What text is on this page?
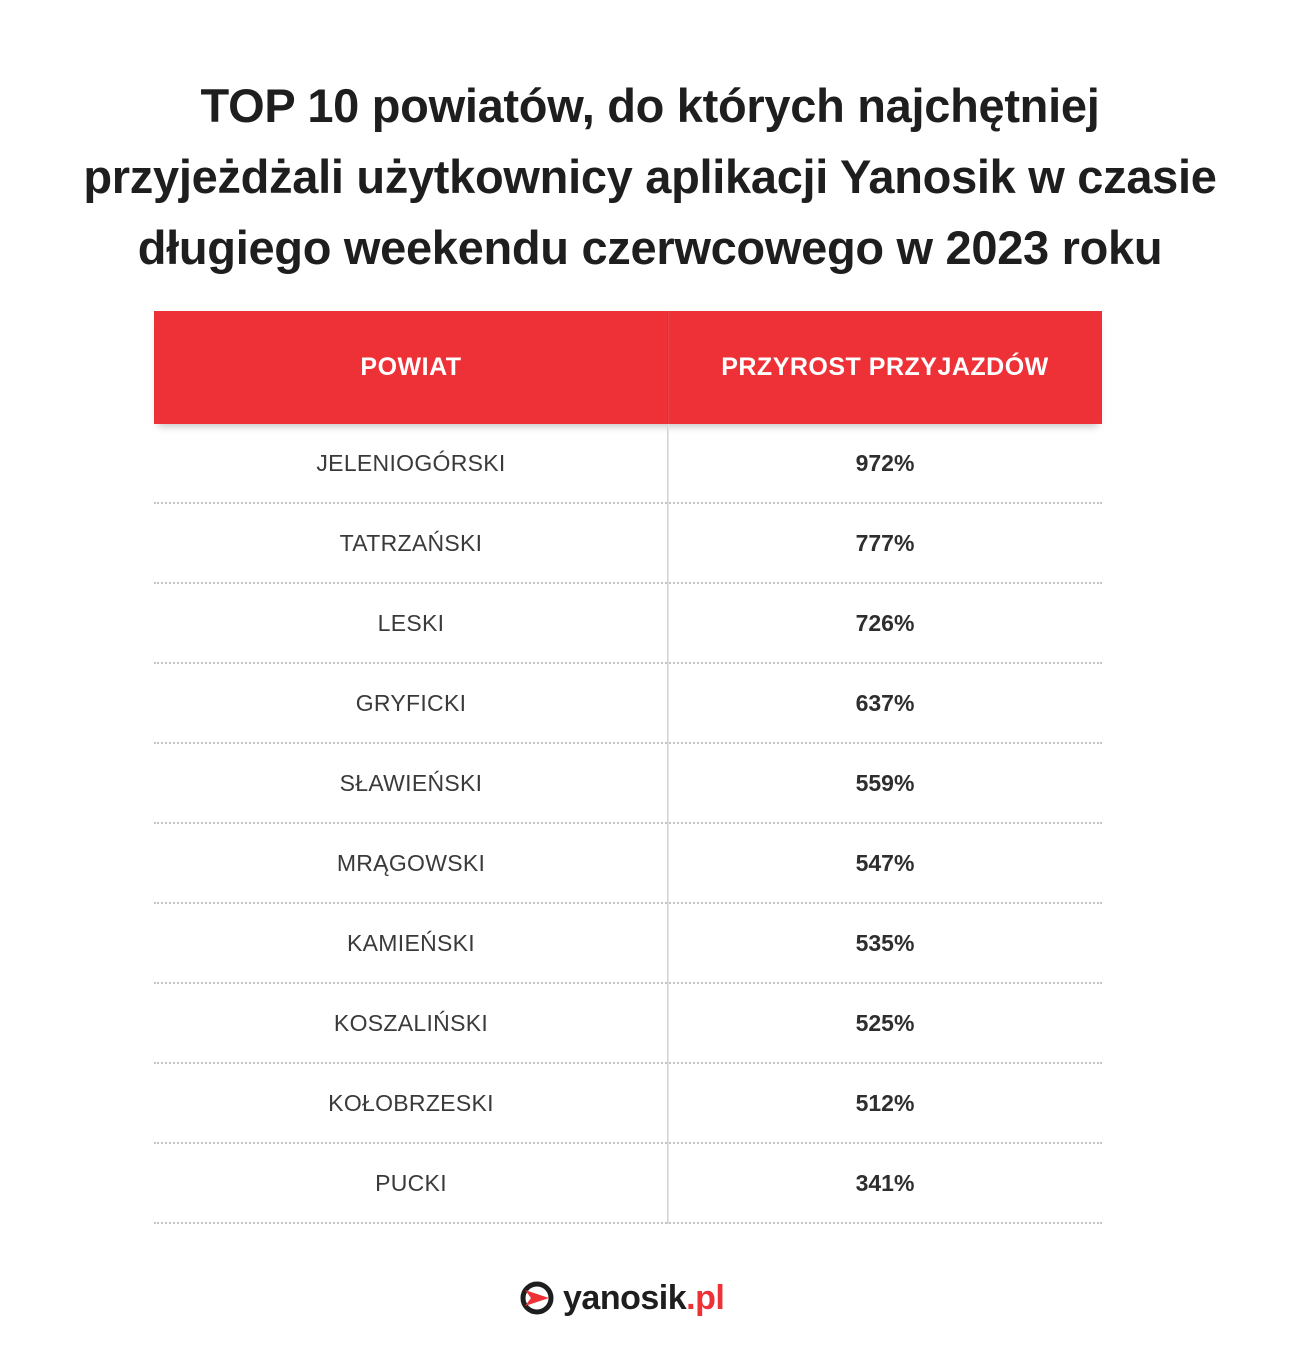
TOP 10 powiatów, do których najchętniej
przyjeżdżali użytkownicy aplikacji Yanosik w czasie
długiego weekendu czerwcowego w 2023 roku
POWIAT	PRZYROST PRZYJAZDÓW
JELENIOGÓRSKI	972%
TATRZAŃSKI	777%
LESKI	726%
GRYFICKI	637%
SŁAWIEŃSKI	559%
MRĄGOWSKI	547%
KAMIEŃSKI	535%
KOSZALIŃSKI	525%
KOŁOBRZESKI	512%
PUCKI	341%
yanosik.pl
